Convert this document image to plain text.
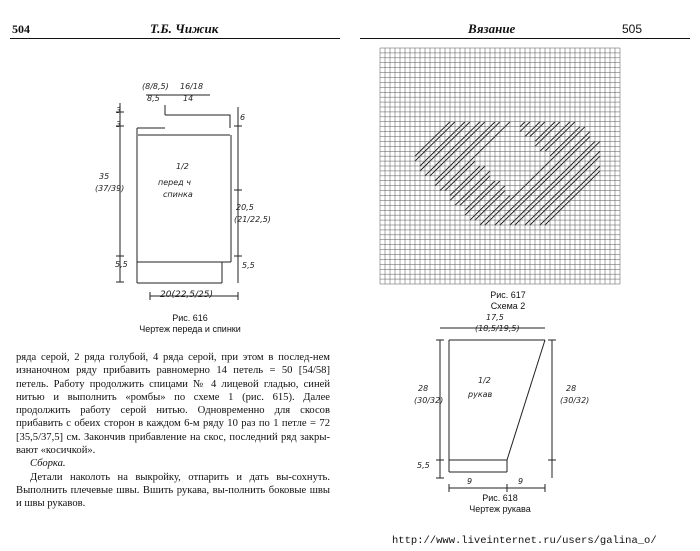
504	Т.Б. Чижик	Вязание	505
(8/8,5)
8,5
16/18
14
3
3
6
35
(37/39)
1/2
перед ч
спинка
20,5
(21/22,5)
5,5	5,5
20(22,5/25)
Рис. 616
Чертеж переда и спинки
Рис. 617
Схема 2
17,5
(18,5/19,5)
1/2
рукав
28
(30/32)
28
(30/32)
5,5
9	9
Рис. 618
Чертеж рукава

ряда серой, 2 ряда голубой, 4 ряда серой, при этом в послед-нем изнаночном ряду прибавить равномерно 14 петель = 50 [54/58] петель. Работу продолжить спицами № 4 лицевой гладью, синей нитью и выполнить «ромбы» по схеме 1 (рис. 615). Далее продолжить работу серой нитью. Одновременно для скосов прибавить с обеих сторон в каждом 6-м ряду 10 раз по 1 петле = 72 [35,5/37,5] см. Закончив прибавление на скос, последний ряд закры-вают «косичкой».

Сборка.

Детали наколоть на выкройку, отпарить и дать вы-сохнуть. Выполнить плечевые швы. Вшить рукава, вы-полнить боковые швы и швы рукавов.

http://www.liveinternet.ru/users/galina_o/
